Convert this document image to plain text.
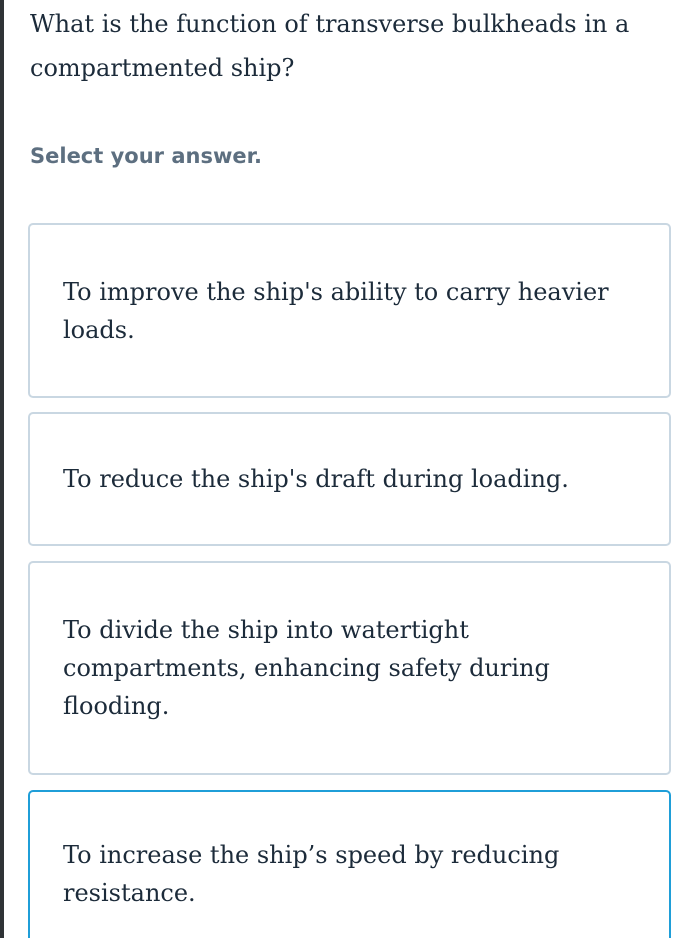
What is the function of transverse bulkheads in a compartmented ship?

Select your answer.

To improve the ship's ability to carry heavier loads.
To reduce the ship's draft during loading.
To divide the ship into watertight compartments, enhancing safety during flooding.
To increase the ship’s speed by reducing resistance.
